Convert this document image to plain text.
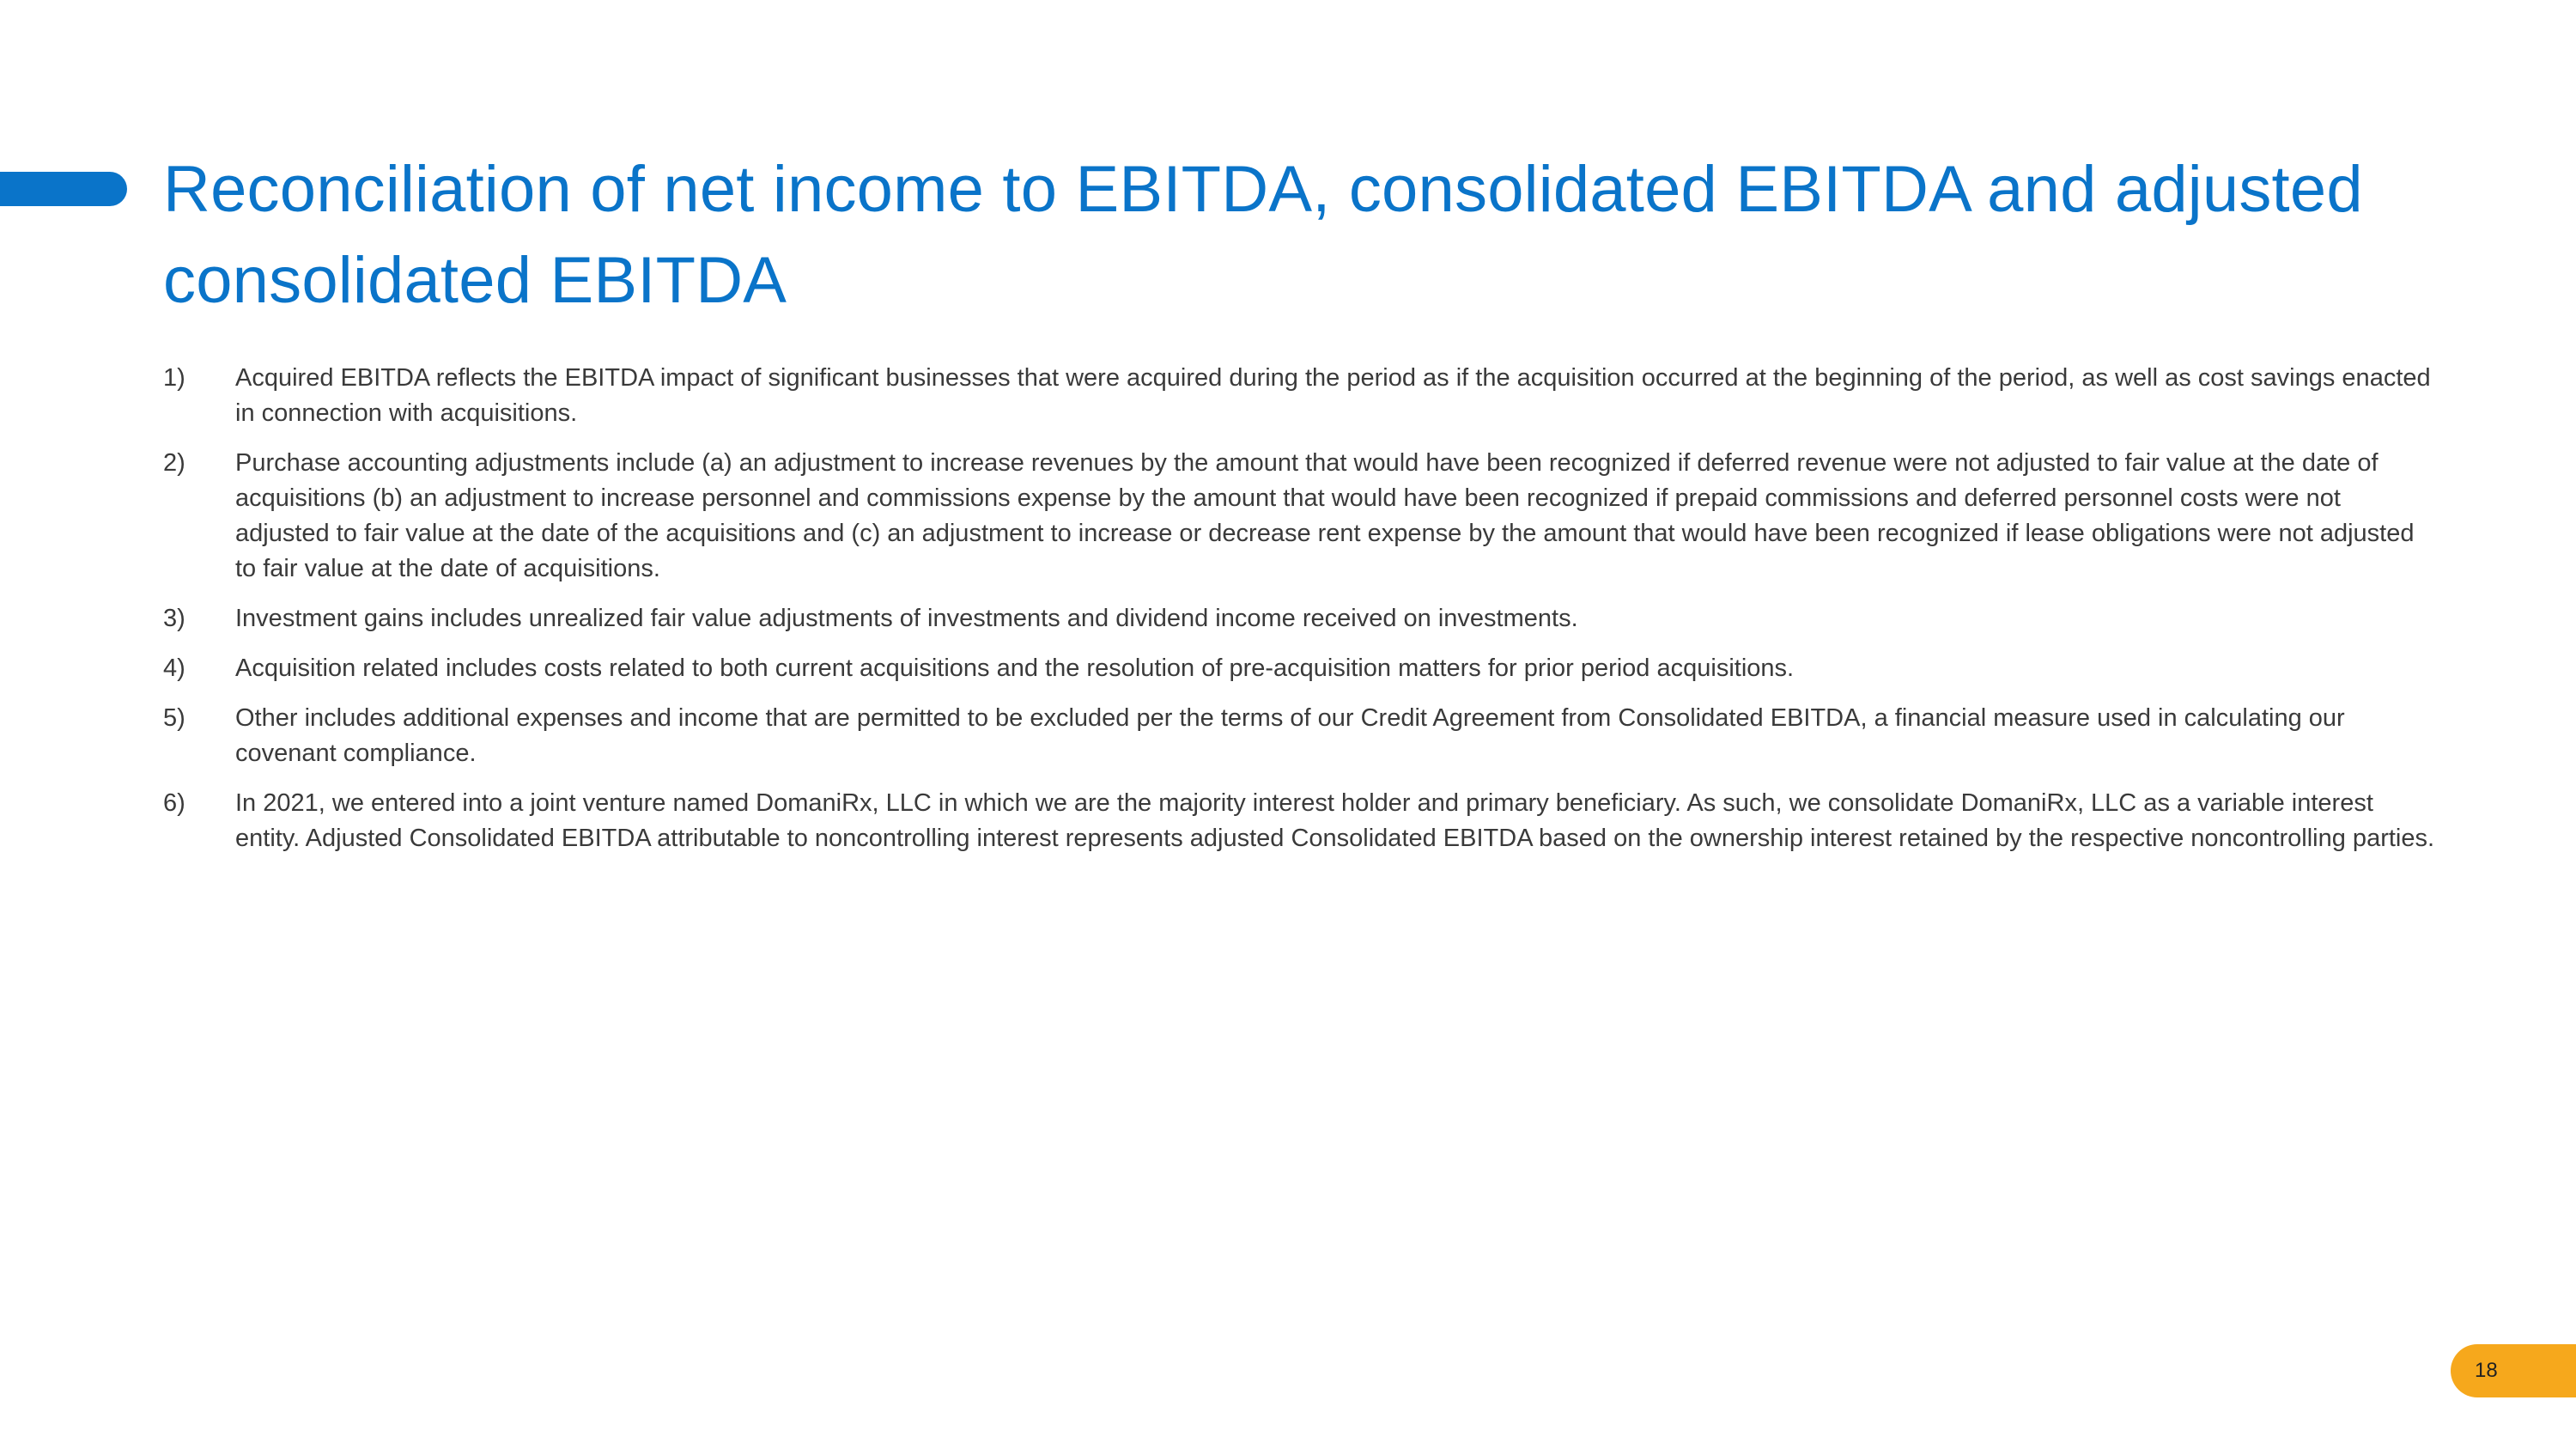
Reconciliation of net income to EBITDA, consolidated EBITDA and adjusted consolidated EBITDA
1)	Acquired EBITDA reflects the EBITDA impact of significant businesses that were acquired during the period as if the acquisition occurred at the beginning of the period, as well as cost savings enacted in connection with acquisitions.
2)	Purchase accounting adjustments include (a) an adjustment to increase revenues by the amount that would have been recognized if deferred revenue were not adjusted to fair value at the date of acquisitions (b) an adjustment to increase personnel and commissions expense by the amount that would have been recognized if prepaid commissions and deferred personnel costs were not adjusted to fair value at the date of the acquisitions and (c) an adjustment to increase or decrease rent expense by the amount that would have been recognized if lease obligations were not adjusted to fair value at the date of acquisitions.
3)	Investment gains includes unrealized fair value adjustments of investments and dividend income received on investments.
4)	Acquisition related includes costs related to both current acquisitions and the resolution of pre-acquisition matters for prior period acquisitions.
5)	Other includes additional expenses and income that are permitted to be excluded per the terms of our Credit Agreement from Consolidated EBITDA, a financial measure used in calculating our covenant compliance.
6)	In 2021, we entered into a joint venture named DomaniRx, LLC in which we are the majority interest holder and primary beneficiary. As such, we consolidate DomaniRx, LLC as a variable interest entity. Adjusted Consolidated EBITDA attributable to noncontrolling interest represents adjusted Consolidated EBITDA based on the ownership interest retained by the respective noncontrolling parties.
18
